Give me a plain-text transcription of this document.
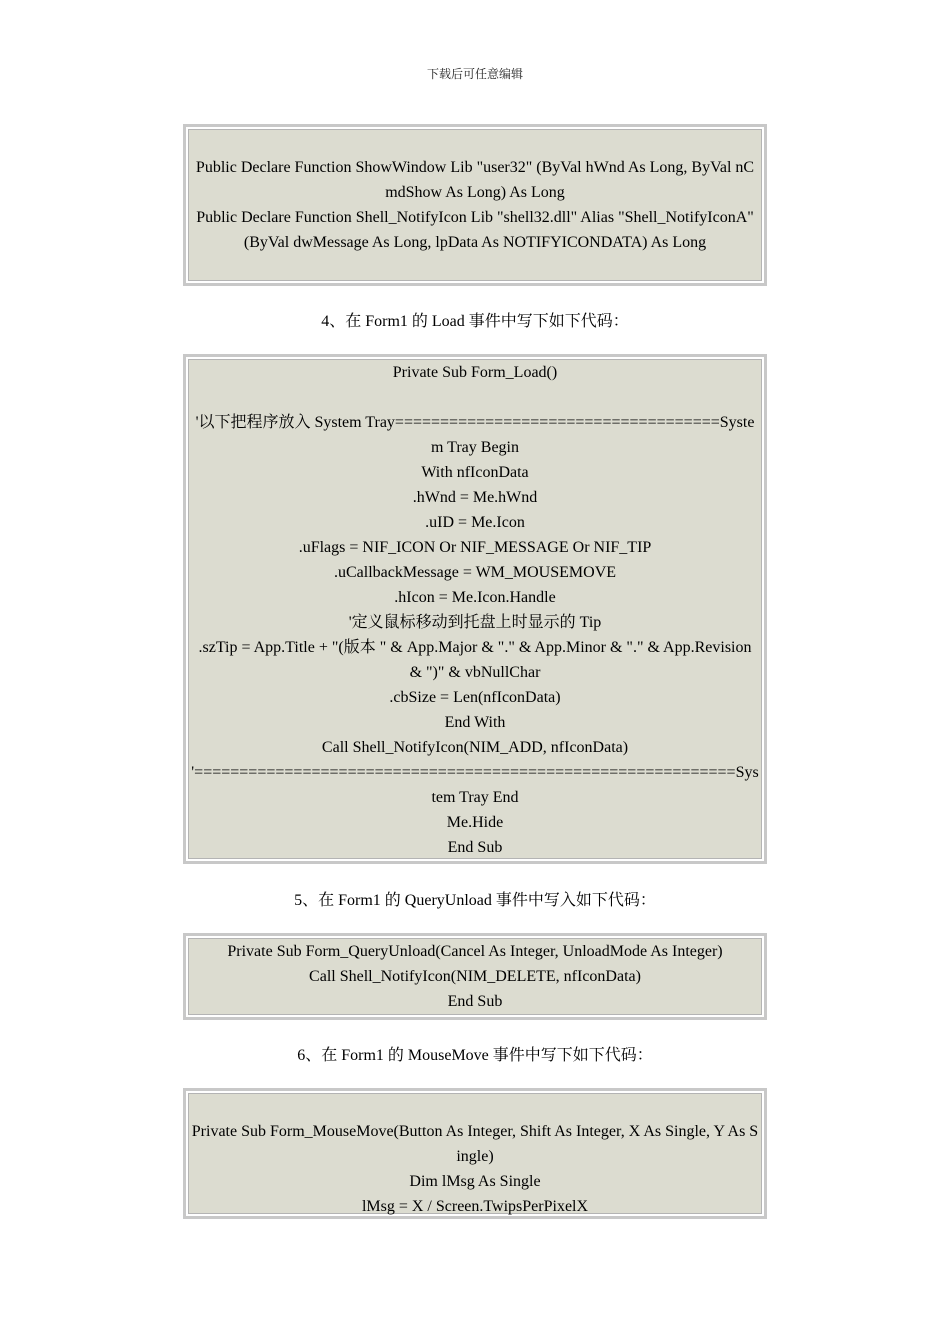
下载后可任意编辑
Public Declare Function ShowWindow Lib "user32" (ByVal hWnd As Long, ByVal nCmdShow As Long) As Long
Public Declare Function Shell_NotifyIcon Lib "shell32.dll" Alias "Shell_NotifyIconA" (ByVal dwMessage As Long, lpData As NOTIFYICONDATA) As Long
4、在 Form1 的 Load 事件中写下如下代码：
Private Sub Form_Load()
'以下把程序放入 System Tray====================================System Tray Begin
With nfIconData
.hWnd = Me.hWnd
.uID = Me.Icon
.uFlags = NIF_ICON Or NIF_MESSAGE Or NIF_TIP
.uCallbackMessage = WM_MOUSEMOVE
.hIcon = Me.Icon.Handle
'定义鼠标移动到托盘上时显示的 Tip
.szTip = App.Title + "(版本 " & App.Major & "." & App.Minor & "." & App.Revision & ")" & vbNullChar
.cbSize = Len(nfIconData)
End With
Call Shell_NotifyIcon(NIM_ADD, nfIconData)
'============================================================System Tray End
Me.Hide
End Sub
5、在 Form1 的 QueryUnload 事件中写入如下代码：
Private Sub Form_QueryUnload(Cancel As Integer, UnloadMode As Integer)
Call Shell_NotifyIcon(NIM_DELETE, nfIconData)
End Sub
6、在 Form1 的 MouseMove 事件中写下如下代码：
Private Sub Form_MouseMove(Button As Integer, Shift As Integer, X As Single, Y As Single)
Dim lMsg As Single
lMsg = X / Screen.TwipsPerPixelX
